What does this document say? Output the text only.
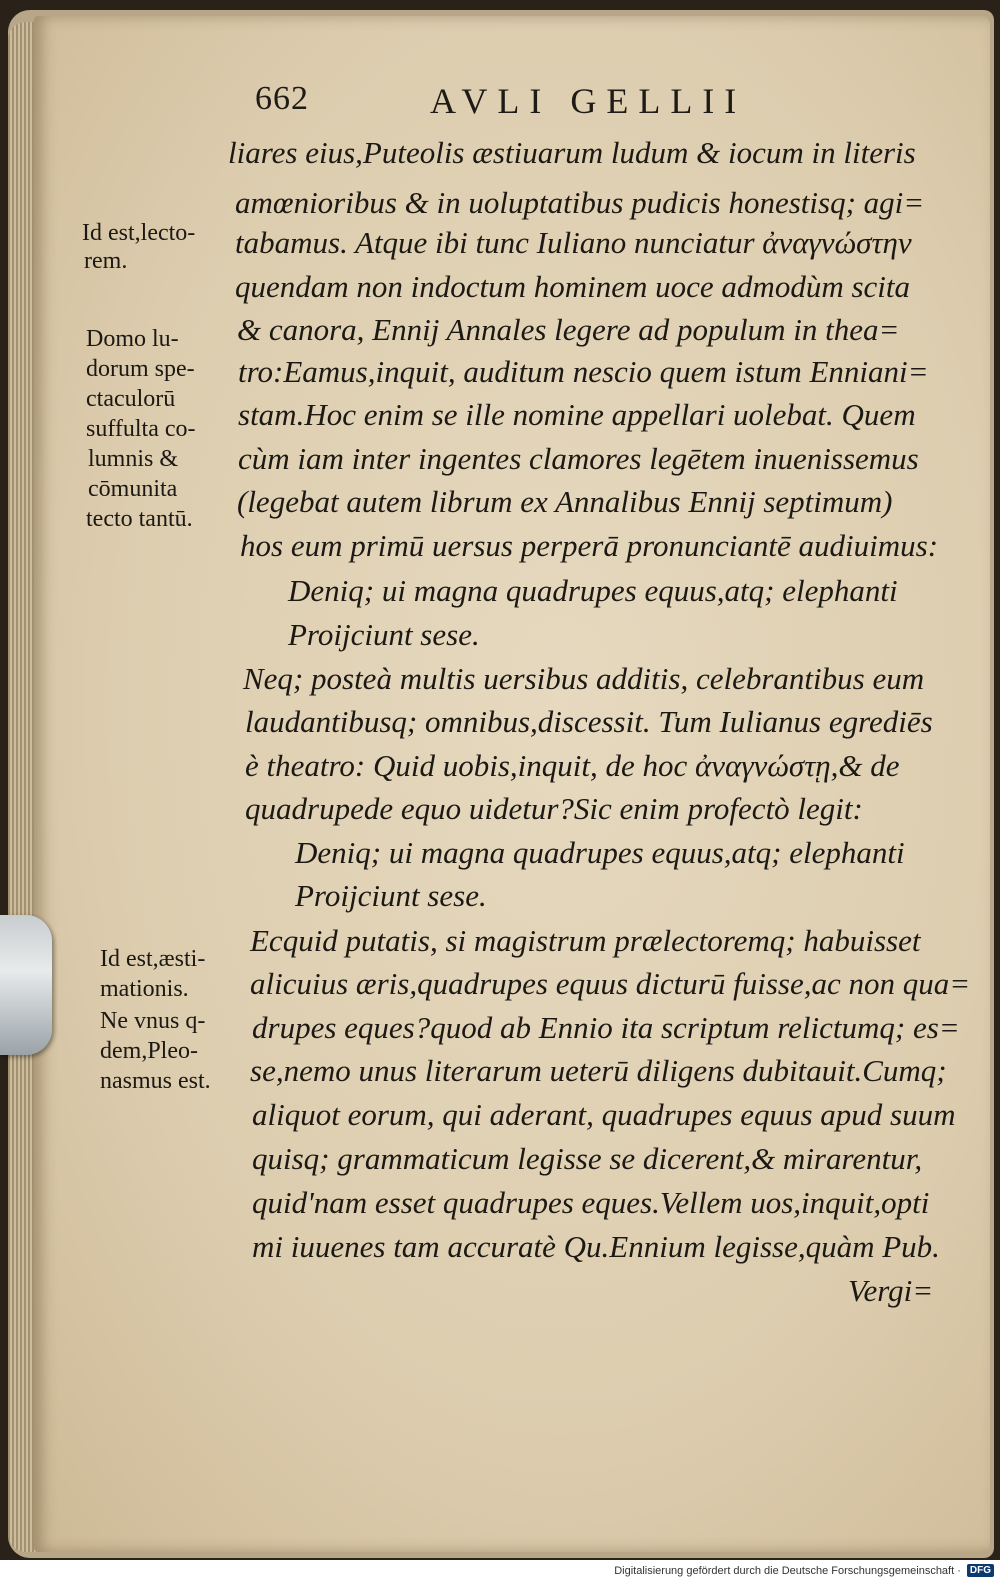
662	AVLI GELLII

liares eius,Puteolis æstiuarum ludum & iocum in literis

amœnioribus & in uoluptatibus pudicis honestisq; agi=

tabamus. Atque ibi tunc Iuliano nunciatur ἀναγνώστην

quendam non indoctum hominem uoce admodùm scita

& canora, Ennij Annales legere ad populum in thea=

tro:Eamus,inquit, auditum nescio quem istum Enniani=

stam.Hoc enim se ille nomine appellari uolebat. Quem

cùm iam inter ingentes clamores legētem inuenissemus

(legebat autem librum ex Annalibus Ennij septimum)

hos eum primū uersus perperā pronunciantē audiuimus:

Deniq; ui magna quadrupes equus,atq; elephanti

Proijciunt sese.

Neq; posteà multis uersibus additis, celebrantibus eum

laudantibusq; omnibus,discessit. Tum Iulianus egrediēs

è theatro: Quid uobis,inquit, de hoc ἀναγνώστῃ,& de

quadrupede equo uidetur?Sic enim profectò legit:

Deniq; ui magna quadrupes equus,atq; elephanti

Proijciunt sese.

Ecquid putatis, si magistrum prælectoremq; habuisset

alicuius æris,quadrupes equus dicturū fuisse,ac non qua=

drupes eques?quod ab Ennio ita scriptum relictumq; es=

se,nemo unus literarum ueterū diligens dubitauit.Cumq;

aliquot eorum, qui aderant, quadrupes equus apud suum

quisq; grammaticum legisse se dicerent,& mirarentur,

quid'nam esset quadrupes eques.Vellem uos,inquit,opti

mi iuuenes tam accuratè Qu.Ennium legisse,quàm Pub.

Vergi=

Id est,lecto-

rem.

Domo lu-

dorum spe-

ctaculorū

suffulta co-

lumnis &

cōmunita

tecto tantū.

Id est,æsti-

mationis.

Ne vnus q-

dem,Pleo-

nasmus est.

Digitalisierung gefördert durch die Deutsche Forschungsgemeinschaft · DFG
